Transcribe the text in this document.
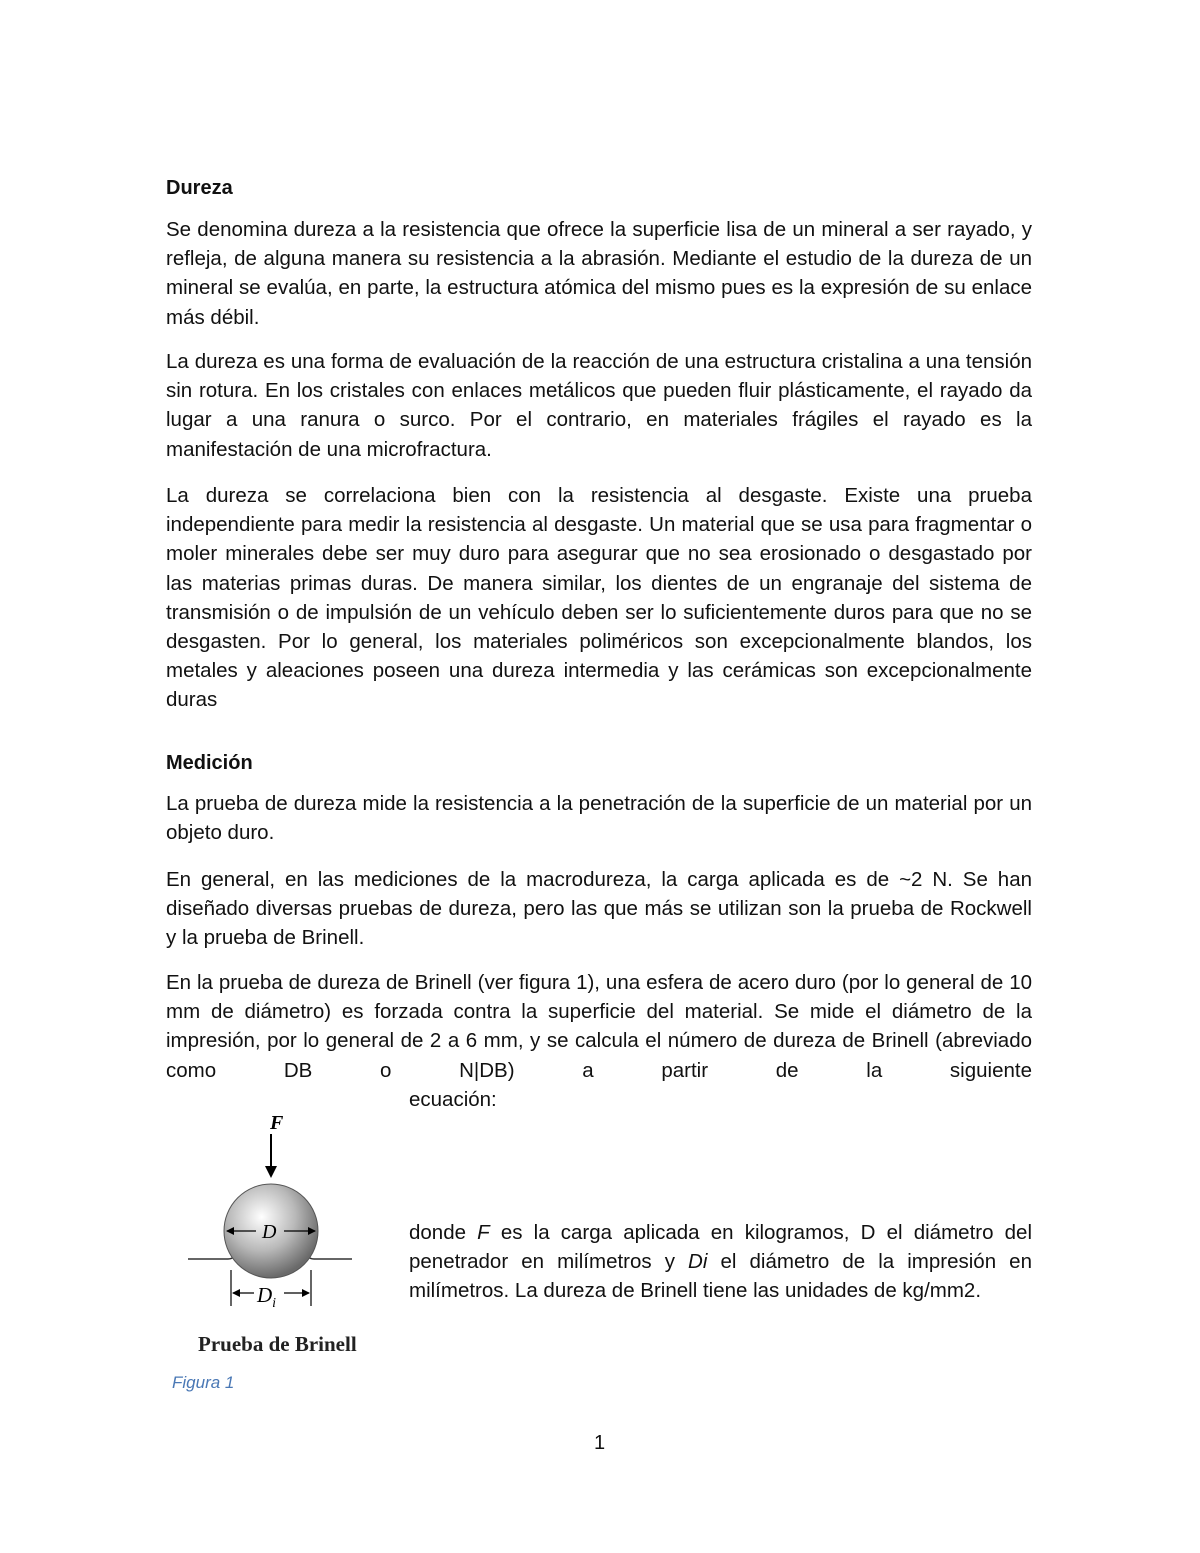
Dureza

Se denomina dureza a la resistencia que ofrece la superficie lisa de un mineral a ser rayado, y refleja, de alguna manera su resistencia a la abrasión. Mediante el estudio de la dureza de un mineral se evalúa, en parte, la estructura atómica del mismo pues es la expresión de su enlace más débil.

La dureza es una forma de evaluación de la reacción de una estructura cristalina a una tensión sin rotura. En los cristales con enlaces metálicos que pueden fluir plásticamente, el rayado da lugar a una ranura o surco. Por el contrario, en materiales frágiles el rayado es la manifestación de una microfractura.

La dureza se correlaciona bien con la resistencia al desgaste. Existe una prueba independiente para medir la resistencia al desgaste. Un material que se usa para fragmentar o moler minerales debe ser muy duro para asegurar que no sea erosionado o desgastado por las materias primas duras. De manera similar, los dientes de un engranaje del sistema de transmisión o de impulsión de un vehículo deben ser lo suficientemente duros para que no se desgasten. Por lo general, los materiales poliméricos son excepcionalmente blandos, los metales y aleaciones poseen una dureza intermedia y las cerámicas son excepcionalmente duras

Medición

La prueba de dureza mide la resistencia a la penetración de la superficie de un material por un objeto duro.

En general, en las mediciones de la macrodureza, la carga aplicada es de ~2 N. Se han diseñado diversas pruebas de dureza, pero las que más se utilizan son la prueba de Rockwell y la prueba de Brinell.

En la prueba de dureza de Brinell (ver figura 1), una esfera de acero duro (por lo general de 10 mm de diámetro) es forzada contra la superficie del material. Se mide el diámetro de la impresión, por lo general de 2 a 6 mm, y se calcula el número de dureza de Brinell (abreviado como DB o N|DB) a partir de la siguiente

ecuación:
F
D
$D_i$
Prueba de Brinell
Figura 1
donde F es la carga aplicada en kilogramos, D el diámetro del penetrador en milímetros y Di el diámetro de la impresión en milímetros. La dureza de Brinell tiene las unidades de kg/mm2.
1
